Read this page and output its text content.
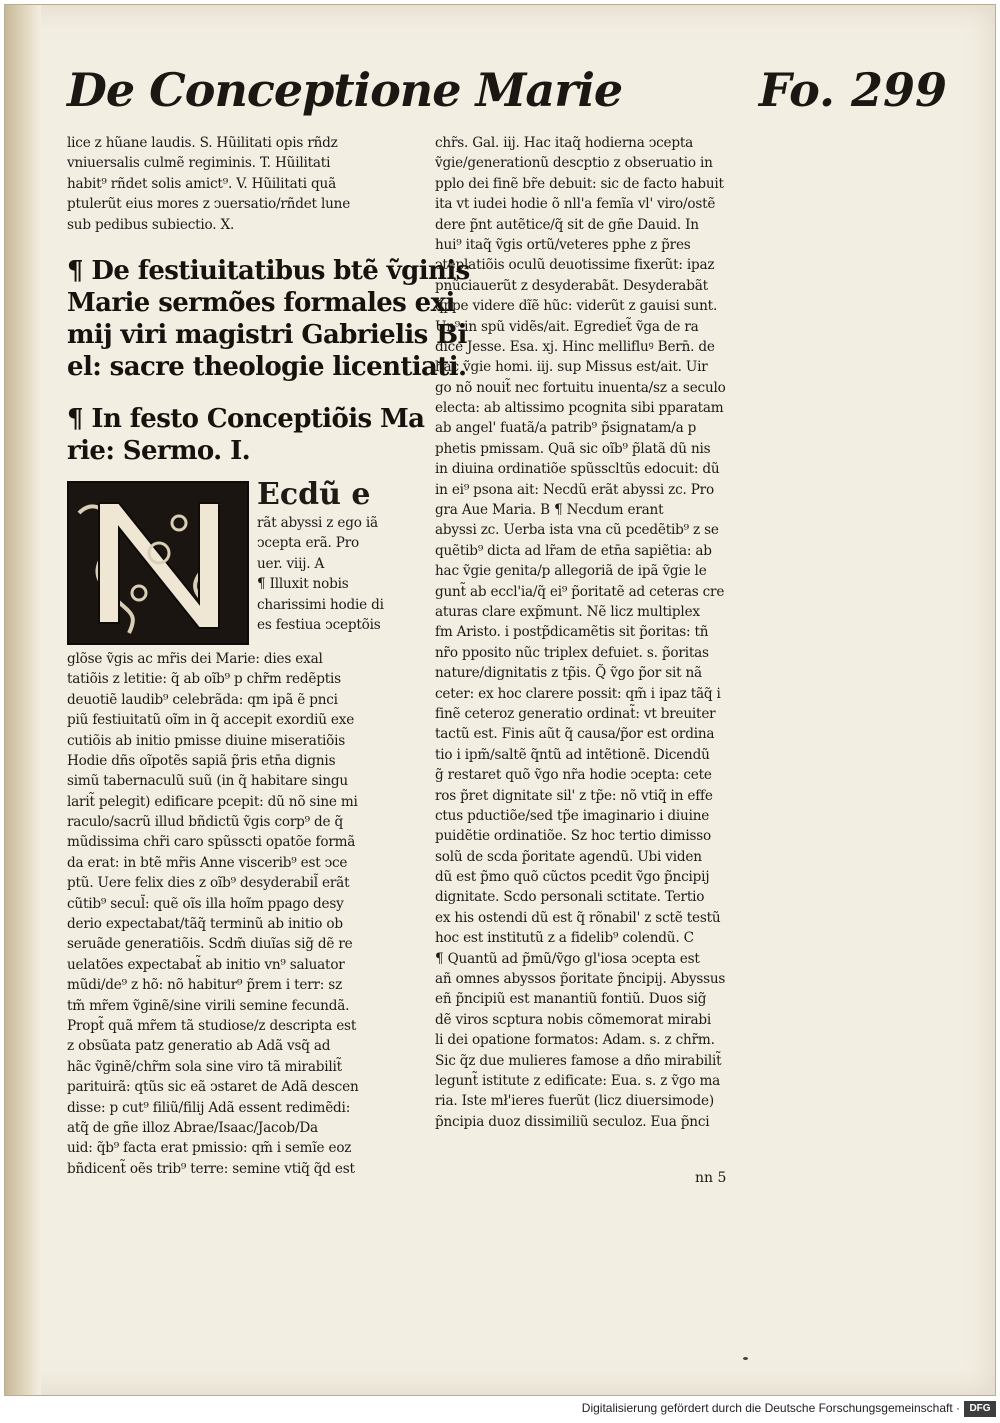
De Conceptione Marie	Fo. 299
lice z hũane laudis. S. Hũilitati opis rñdz
vniuersalis culmẽ regiminis. T. Hũilitati
habit⁹ rñdet solis amict⁹. V. Hũilitati quã
ptulerũt eius mores z ↄuersatio/rñdet lune
sub pedibus subiectio. X.
¶ De festiuitatibus btẽ ṽginis
Marie sermões formales exi
mij viri magistri Gabrielis Bi
el: sacre theologie licentiati.
¶ In festo Conceptiõis Ma
rie: Sermo. I.
Ecdũ e
rãt abyssi z ego iã
ↄcepta erã. Pro
uer. viij. A
¶ Illuxit nobis
charissimi hodie di
es festiua ↄceptõis
glõse ṽgis ac mr̃is dei Marie: dies exal
tatiõis z letitie: q̃ ab oĩb⁹ p chr̃m redẽptis
deuotiẽ laudib⁹ celebrãda: qm ipã ẽ pnci
piũ festiuitatũ oĩm in q̃ accepit exordiũ exe
cutiõis ab initio pmisse diuine miseratiõis
Hodie dñs oĩpotẽs sapiã p̃ris etn̄a dignis
simũ tabernaculũ suũ (in q̃ habitare singu
larit̃ pelegit) edificare pcepit: dũ nõ sine mi
raculo/sacrũ illud bñdictũ ṽgis corp⁹ de q̃
mũdissima chr̃i caro spũsscti opatõe formã
da erat: in btẽ mr̃is Anne viscerib⁹ est ↄce
ptũ. Uere felix dies z oĩb⁹ desyderabil̃ erãt
cũtib⁹ secul̃: quẽ oĩs illa hoĩm ppago desy
derio expectabat/tãq̃ terminũ ab initio ob
seruãde generatiõis. Scdm̃ diuĩas sig̃ dẽ re
uelatões expectabat̃ ab initio vn⁹ saluator
mũdi/de⁹ z hõ: nõ habitur⁹ p̃rem i terr: sz
tm̃ mr̃em ṽginẽ/sine virili semine fecundã.
Propt̃ quã mr̃em tã studiose/z descripta est
z obsũata patz generatio ab Adã vsq̃ ad
hãc ṽginẽ/chr̃m sola sine viro tã mirabilit̃
parituirã: qtũs sic eã ↄstaret de Adã descen
disse: p cut⁹ filiũ/filij Adã essent redimẽdi:
atq̃ de gñe illoz Abrae/Isaac/Jacob/Da
uid: q̃b⁹ facta erat pmissio: qm̃ i semĩe eoz
bñdicent̃ oẽs trib⁹ terre: semine vtiq̃ q̃d est
chr̃s. Gal. iij. Hac itaq̃ hodierna ↄcepta
ṽgie/generationũ descptio z obseruatio in
pplo dei finẽ br̃e debuit: sic de facto habuit
ita vt iudei hodie õ nll'a femĩa vl' viro/ostẽ
dere p̃nt autẽtice/q̃ sit de gñe Dauid. In
hui⁹ itaq̃ ṽgis ortũ/veteres pphe z p̃res
ↄteplatiõis oculũ deuotissime fixerũt: ipaz
pnũciauerũt z desyderabãt. Desyderabãt
q̃ppe videre dĩẽ hũc: viderũt z gauisi sunt.
Un⁹ in spũ vidẽs/ait. Egrediet̃ ṽga de ra
dice Jesse. Esa. xj. Hinc mellifluꝰ Bern̄. de
hac ṽgie homi. iij. sup Missus est/ait. Uir
go nõ nouit̃ nec fortuitu inuenta/sz a seculo
electa: ab altissimo pcognita sibi pparatam
ab angel' fuatã/a patrib⁹ p̃signatam/a p
phetis pmissam. Quã sic oĩb⁹ p̃latã dũ nis
in diuina ordinatiõe spũsscltũs edocuit: dũ
in ei⁹ psona ait: Necdũ erãt abyssi zc. Pro
gra Aue Maria. B ¶ Necdum erant
abyssi zc. Uerba ista vna cũ pcedẽtib⁹ z se
quẽtib⁹ dicta ad lr̃am de etn̄a sapiẽtia: ab
hac ṽgie genita/p allegoriã de ipã ṽgie le
gunt̃ ab eccl'ia/q̃ ei⁹ p̃oritatẽ ad ceteras cre
aturas clare exp̃munt. Nẽ licz multiplex
fm Aristo. i postp̃dicamẽtis sit p̃oritas: tñ
nr̃o pposito nũc triplex defuiet. s. p̃oritas
nature/dignitatis z tp̃is. Q̃ ṽgo p̃or sit nã
ceter: ex hoc clarere possit: qm̃ i ipaz tãq̃ i
finẽ ceteroz generatio ordinat̃: vt breuiter
tactũ est. Finis aũt q̃ causa/p̃or est ordina
tio i ipm̃/saltẽ q̃ntũ ad intẽtionẽ. Dicendũ
g̃ restaret quõ ṽgo nr̃a hodie ↄcepta: cete
ros p̃ret dignitate sil' z tp̃e: nõ vtiq̃ in effe
ctus pductiõe/sed tp̃e imaginario i diuine
puidẽtie ordinatiõe. Sz hoc tertio dimisso
solũ de scda p̃oritate agendũ. Ubi viden
dũ est p̃mo quõ cũctos pcedit ṽgo p̃ncipij
dignitate. Scdo personali sctitate. Tertio
ex his ostendi dũ est q̃ rõnabil' z sctẽ testũ
hoc est institutũ z a fidelib⁹ colendũ. C
¶ Quantũ ad p̃mũ/ṽgo gl'iosa ↄcepta est
añ omnes abyssos p̃oritate p̃ncipij. Abyssus
eñ p̃ncipiũ est manantiũ fontiũ. Duos sig̃
dẽ viros scptura nobis cõmemorat mirabi
li dei opatione formatos: Adam. s. z chr̃m.
Sic q̃z due mulieres famose a dño mirabilit̃
legunt̃ istitute z edificate: Eua. s. z ṽgo ma
ria. Iste mł'ieres fuerũt (licz diuersimode)
p̃ncipia duoz dissimiliũ seculoz. Eua p̃nci
nn 5
Digitalisierung gefördert durch die Deutsche Forschungsgemeinschaft · DFG
